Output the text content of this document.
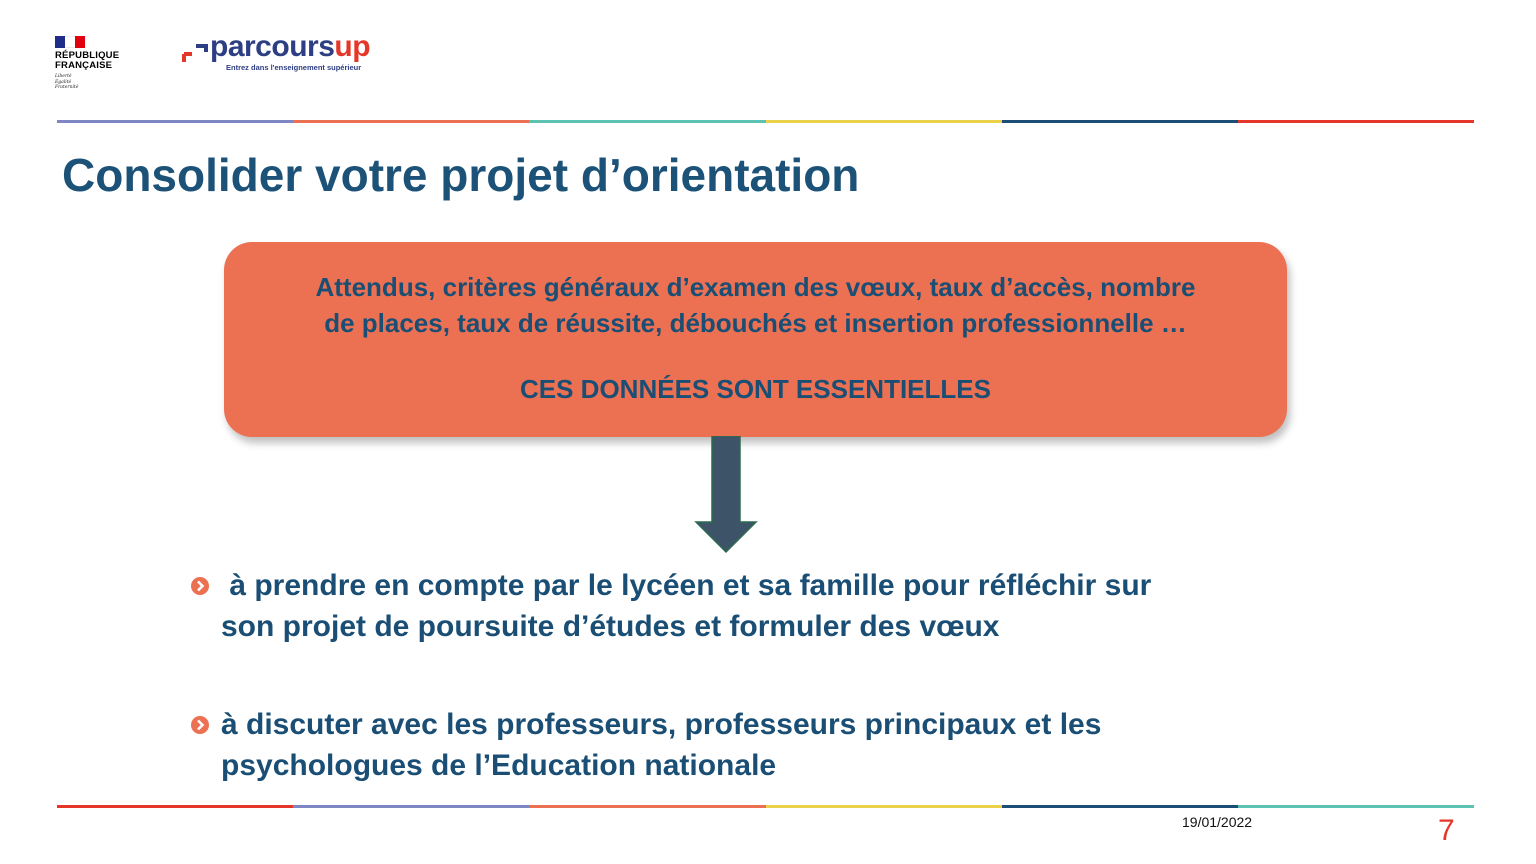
RÉPUBLIQUE
FRANÇAISE
Liberté
Égalité
Fraternité
parcoursup
Entrez dans l'enseignement supérieur
Consolider votre projet d’orientation
Attendus, critères généraux d’examen des vœux, taux d’accès, nombre
de places, taux de réussite, débouchés et insertion professionnelle …
CES DONNÉES SONT ESSENTIELLES
à prendre en compte par le lycéen et sa famille pour réfléchir sur
son projet de poursuite d’études et formuler des vœux
à discuter avec les professeurs, professeurs principaux et les
psychologues de l’Education nationale
19/01/2022	7
